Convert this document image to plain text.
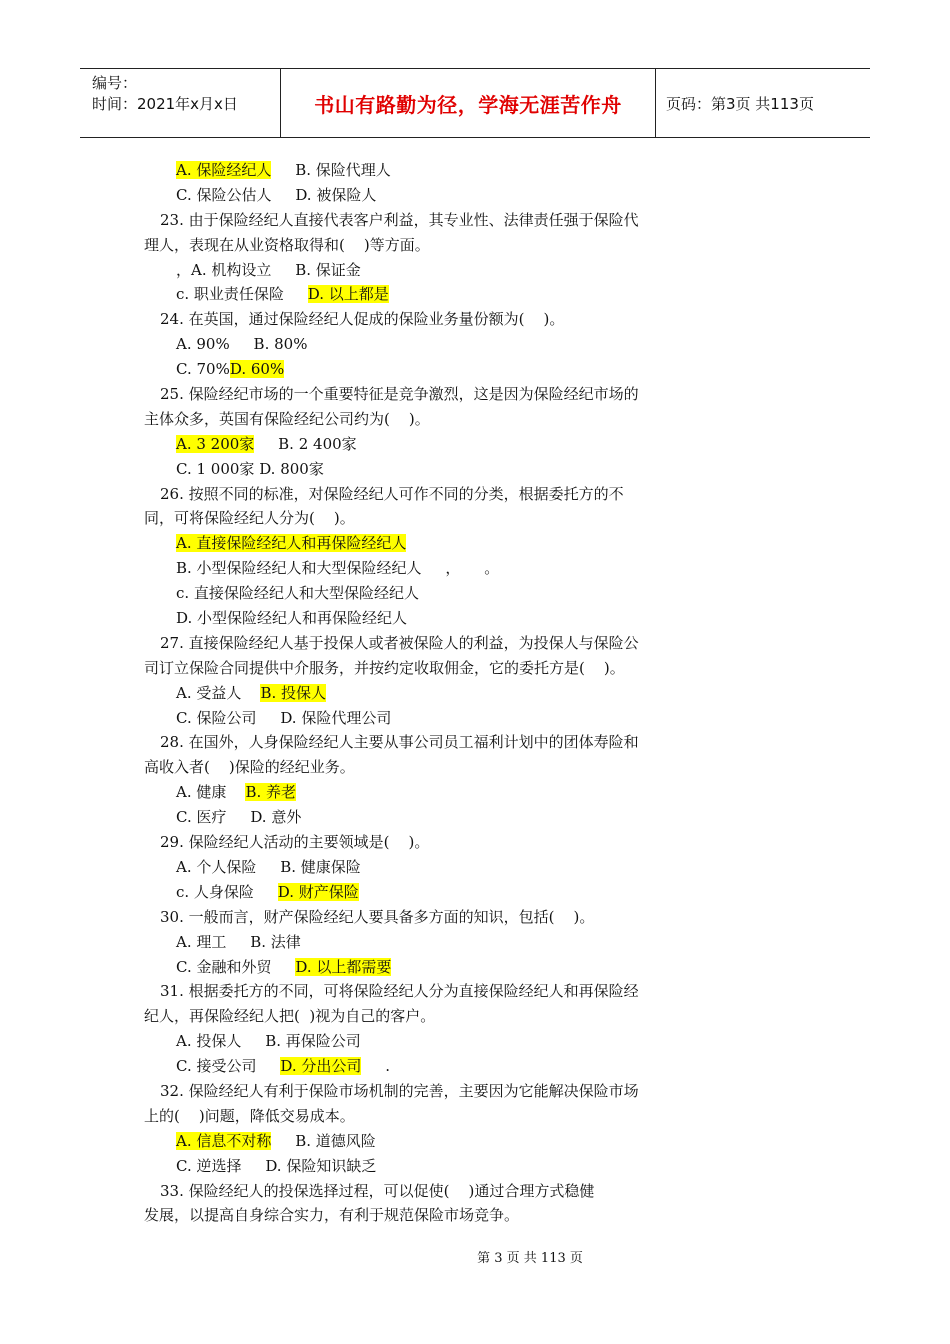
编号：
时间：2021年x月x日	书山有路勤为径，学海无涯苦作舟	页码：第3页 共113页
A. 保险经纪人     B. 保险代理人
C. 保险公估人     D. 被保险人
23. 由于保险经纪人直接代表客户利益，其专业性、法律责任强于保险代
理人，表现在从业资格取得和(    )等方面。
，A. 机构设立     B. 保证金
c. 职业责任保险     D. 以上都是
24. 在英国，通过保险经纪人促成的保险业务量份额为(    )。
A. 90%     B. 80%
C. 70%D. 60%
25. 保险经纪市场的一个重要特征是竞争激烈，这是因为保险经纪市场的
主体众多，英国有保险经纪公司约为(    )。
A. 3 200家     B. 2 400家
C. 1 000家 D. 800家
26. 按照不同的标准，对保险经纪人可作不同的分类，根据委托方的不
同，可将保险经纪人分为(    )。
A. 直接保险经纪人和再保险经纪人
B. 小型保险经纪人和大型保险经纪人     ，     。
c. 直接保险经纪人和大型保险经纪人
D. 小型保险经纪人和再保险经纪人
27. 直接保险经纪人基于投保人或者被保险人的利益，为投保人与保险公
司订立保险合同提供中介服务，并按约定收取佣金，它的委托方是(    )。
A. 受益人    B. 投保人
C. 保险公司     D. 保险代理公司
28. 在国外，人身保险经纪人主要从事公司员工福利计划中的团体寿险和
高收入者(    )保险的经纪业务。
A. 健康    B. 养老
C. 医疗     D. 意外
29. 保险经纪人活动的主要领域是(    )。
A. 个人保险     B. 健康保险
c. 人身保险     D. 财产保险
30. 一般而言，财产保险经纪人要具备多方面的知识，包括(    )。
A. 理工     B. 法律
C. 金融和外贸     D. 以上都需要
31. 根据委托方的不同，可将保险经纪人分为直接保险经纪人和再保险经
纪人，再保险经纪人把(  )视为自己的客户。
A. 投保人     B. 再保险公司
C. 接受公司     D. 分出公司     .
32. 保险经纪人有利于保险市场机制的完善，主要因为它能解决保险市场
上的(    )问题，降低交易成本。
A. 信息不对称     B. 道德风险
C. 逆选择     D. 保险知识缺乏
33. 保险经纪人的投保选择过程，可以促使(    )通过合理方式稳健
发展，以提高自身综合实力，有利于规范保险市场竞争。
第 3 页 共 113 页
